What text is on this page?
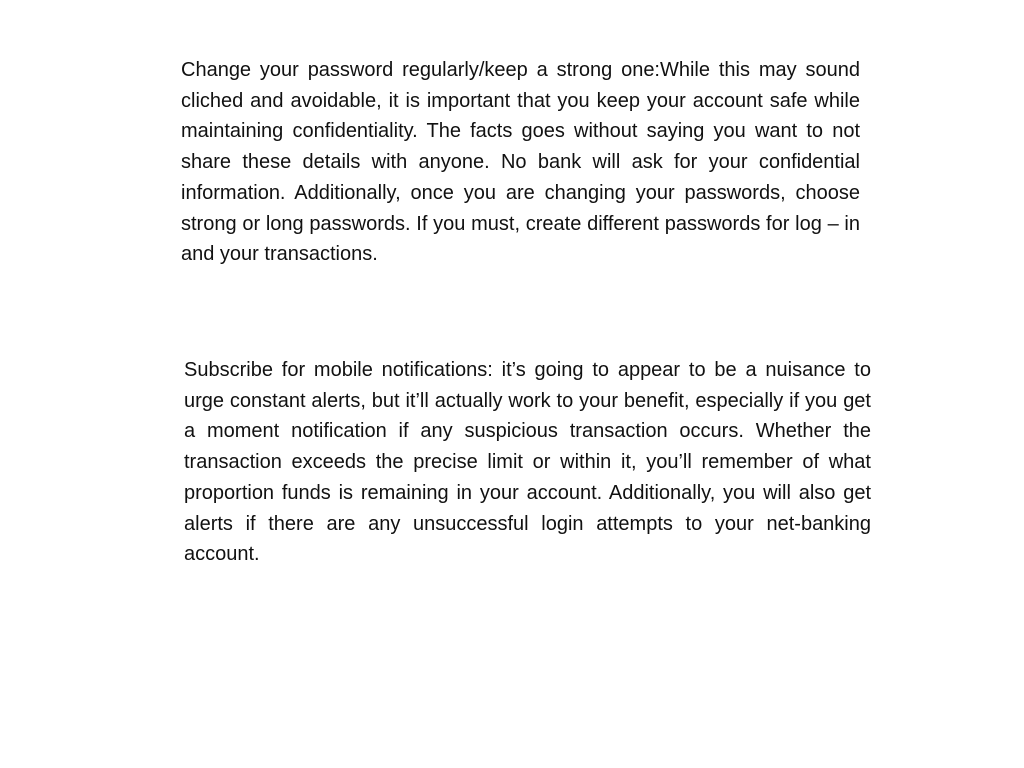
Change your password regularly/keep a strong one:While this may sound cliched and avoidable, it is important that you keep your account safe while maintaining confidentiality. The facts goes without saying you want to not share these details with anyone. No bank will ask for your confidential information. Additionally, once you are changing your passwords, choose strong or long passwords. If you must, create different passwords for log – in and your transactions.

Subscribe for mobile notifications: it’s going to appear to be a nuisance to urge constant alerts, but it’ll actually work to your benefit, especially if you get a moment notification if any suspicious transaction occurs. Whether the transaction exceeds the precise limit or within it, you’ll remember of what proportion funds is remaining in your account. Additionally, you will also get alerts if there are any unsuccessful login attempts to your net-banking account.
